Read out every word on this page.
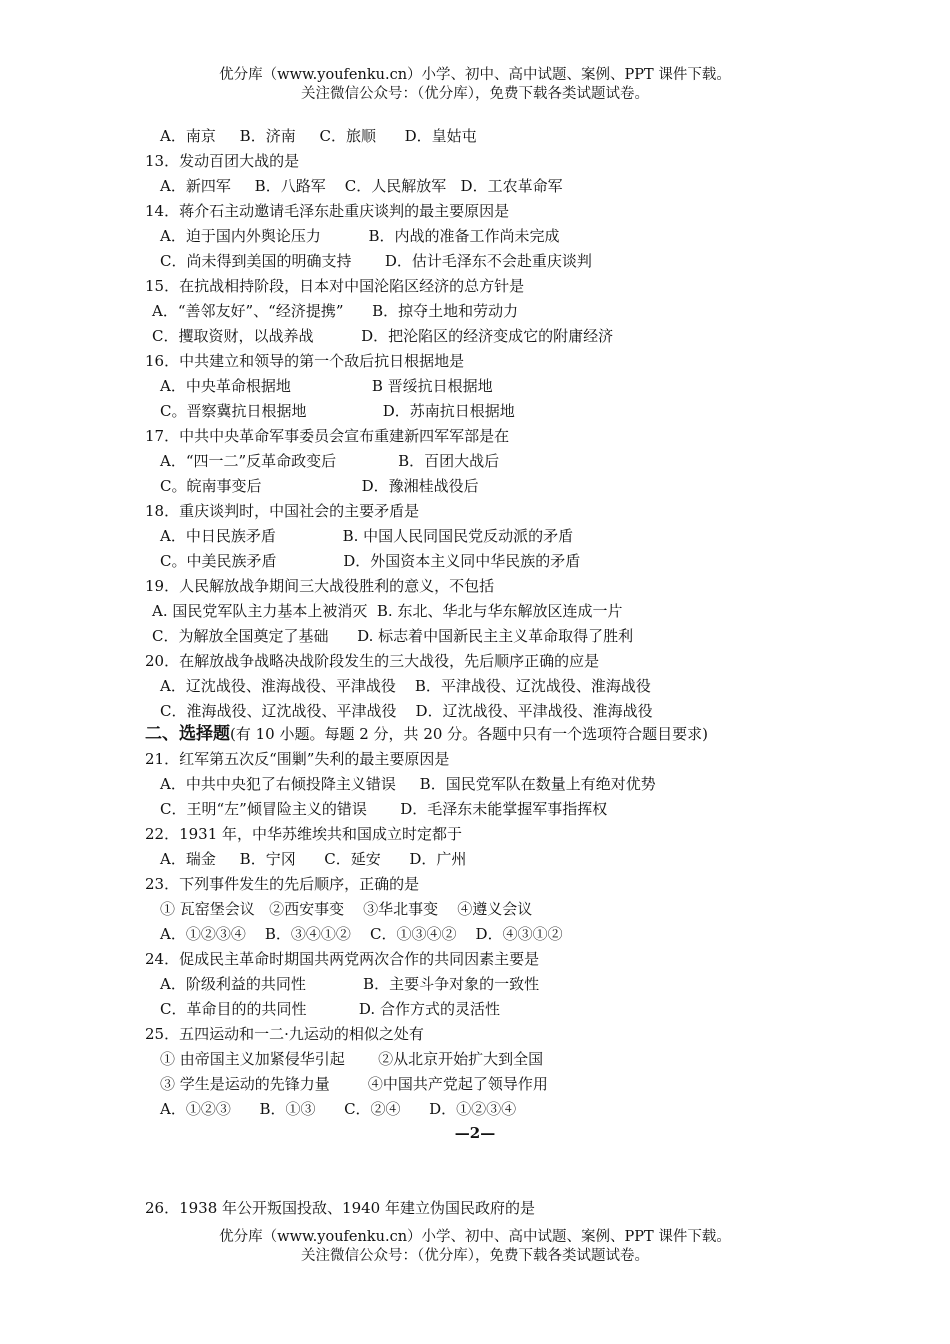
优分库（www.youfenku.cn）小学、初中、高中试题、案例、PPT 课件下载。
关注微信公众号：（优分库），免费下载各类试题试卷。
A．南京     B．济南     C．旅顺      D．皇姑屯
13．发动百团大战的是
A．新四军     B．八路军    C．人民解放军   D．工农革命军
14．蒋介石主动邀请毛泽东赴重庆谈判的最主要原因是
A．迫于国内外舆论压力          B．内战的准备工作尚未完成
C．尚未得到美国的明确支持       D．估计毛泽东不会赴重庆谈判
15．在抗战相持阶段，日本对中国沦陷区经济的总方针是
A．“善邻友好”、“经济提携”      B．掠夺土地和劳动力
C．攫取资财，以战养战          D．把沦陷区的经济变成它的附庸经济
16．中共建立和领导的第一个敌后抗日根据地是
A．中央革命根据地                 B 晋绥抗日根据地
C。晋察冀抗日根据地                D．苏南抗日根据地
17．中共中央革命军事委员会宣布重建新四军军部是在
A．“四一二”反革命政变后             B．百团大战后
C。皖南事变后                     D．豫湘桂战役后
18．重庆谈判时，中国社会的主要矛盾是
A．中日民族矛盾              B. 中国人民同国民党反动派的矛盾
C。中美民族矛盾              D．外国资本主义同中华民族的矛盾
19．人民解放战争期间三大战役胜利的意义，不包括
A. 国民党军队主力基本上被消灭  B. 东北、华北与华东解放区连成一片
C．为解放全国奠定了基础      D. 标志着中国新民主主义革命取得了胜利
20．在解放战争战略决战阶段发生的三大战役，先后顺序正确的应是
A．辽沈战役、淮海战役、平津战役    B．平津战役、辽沈战役、淮海战役
C．淮海战役、辽沈战役、平津战役    D．辽沈战役、平津战役、淮海战役
二、选择题(有 10 小题。每题 2 分，共 20 分。各题中只有一个选项符合题目要求)
21．红军第五次反“围剿”失利的最主要原因是
A．中共中央犯了右倾投降主义错误     B．国民党军队在数量上有绝对优势
C．王明“左”倾冒险主义的错误       D．毛泽东未能掌握军事指挥权
22．1931 年，中华苏维埃共和国成立时定都于
A．瑞金     B．宁冈      C．延安      D．广州
23．下列事件发生的先后顺序，正确的是
① 瓦窑堡会议   ②西安事变    ③华北事变    ④遵义会议
A．①②③④    B．③④①②    C．①③④②    D．④③①②
24．促成民主革命时期国共两党两次合作的共同因素主要是
A．阶级利益的共同性            B．主要斗争对象的一致性
C．革命目的的共同性           D. 合作方式的灵活性
25．五四运动和一二·九运动的相似之处有
① 由帝国主义加紧侵华引起       ②从北京开始扩大到全国
③ 学生是运动的先锋力量        ④中国共产党起了领导作用
A．①②③      B．①③      C．②④      D．①②③④
—2—
26．1938 年公开叛国投敌、1940 年建立伪国民政府的是
优分库（www.youfenku.cn）小学、初中、高中试题、案例、PPT 课件下载。
关注微信公众号：（优分库），免费下载各类试题试卷。
